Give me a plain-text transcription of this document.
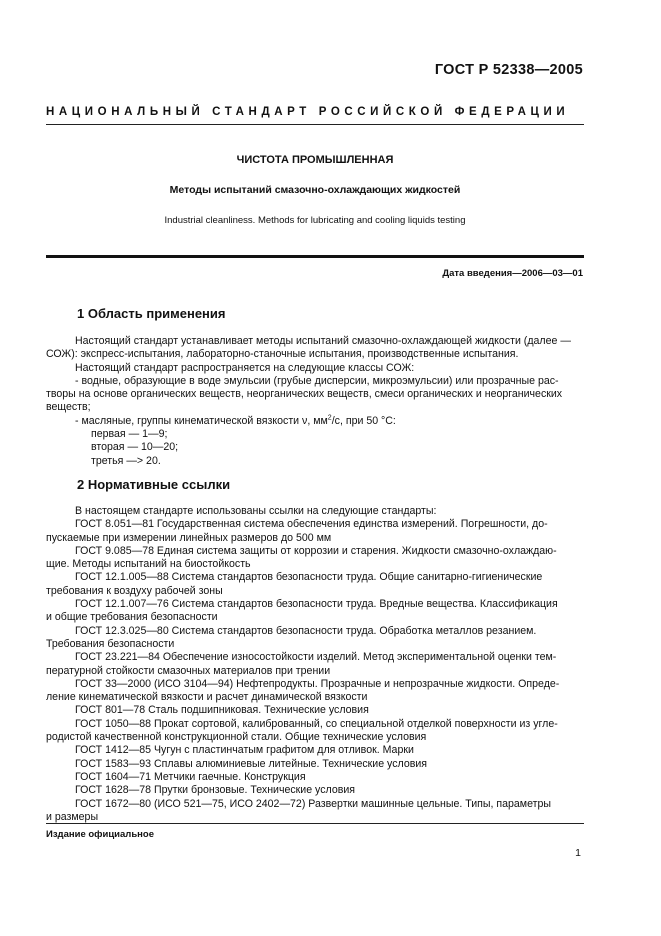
ГОСТ Р 52338—2005
НАЦИОНАЛЬНЫЙ СТАНДАРТ РОССИЙСКОЙ ФЕДЕРАЦИИ
ЧИСТОТА ПРОМЫШЛЕННАЯ
Методы испытаний смазочно-охлаждающих жидкостей
Industrial cleanliness. Methods for lubricating and cooling liquids testing
Дата введения—2006—03—01
1 Область применения
Настоящий стандарт устанавливает методы испытаний смазочно-охлаждающей жидкости (далее —
СОЖ): экспресс-испытания, лабораторно-станочные испытания, производственные испытания.
Настоящий стандарт распространяется на следующие классы СОЖ:
- водные, образующие в воде эмульсии (грубые дисперсии, микроэмульсии) или прозрачные рас-
творы на основе органических веществ, неорганических веществ, смеси органических и неорганических
веществ;
- масляные, группы кинематической вязкости ν, $мм^2/с$, при 50 °С:
первая — 1—9;
вторая — 10—20;
третья —> 20.
2 Нормативные ссылки
В настоящем стандарте использованы ссылки на следующие стандарты:
ГОСТ 8.051—81 Государственная система обеспечения единства измерений. Погрешности, до-
пускаемые при измерении линейных размеров до 500 мм
ГОСТ 9.085—78 Единая система защиты от коррозии и старения. Жидкости смазочно-охлаждаю-
щие. Методы испытаний на биостойкость
ГОСТ 12.1.005—88 Система стандартов безопасности труда. Общие санитарно-гигиенические
требования к воздуху рабочей зоны
ГОСТ 12.1.007—76 Система стандартов безопасности труда. Вредные вещества. Классификация
и общие требования безопасности
ГОСТ 12.3.025—80 Система стандартов безопасности труда. Обработка металлов резанием.
Требования безопасности
ГОСТ 23.221—84 Обеспечение износостойкости изделий. Метод экспериментальной оценки тем-
пературной стойкости смазочных материалов при трении
ГОСТ 33—2000 (ИСО 3104—94) Нефтепродукты. Прозрачные и непрозрачные жидкости. Опреде-
ление кинематической вязкости и расчет динамической вязкости
ГОСТ 801—78 Сталь подшипниковая. Технические условия
ГОСТ 1050—88 Прокат сортовой, калиброванный, со специальной отделкой поверхности из угле-
родистой качественной конструкционной стали. Общие технические условия
ГОСТ 1412—85 Чугун с пластинчатым графитом для отливок. Марки
ГОСТ 1583—93 Сплавы алюминиевые литейные. Технические условия
ГОСТ 1604—71 Метчики гаечные. Конструкция
ГОСТ 1628—78 Прутки бронзовые. Технические условия
ГОСТ 1672—80 (ИСО 521—75, ИСО 2402—72) Развертки машинные цельные. Типы, параметры
и размеры
Издание официальное
1
